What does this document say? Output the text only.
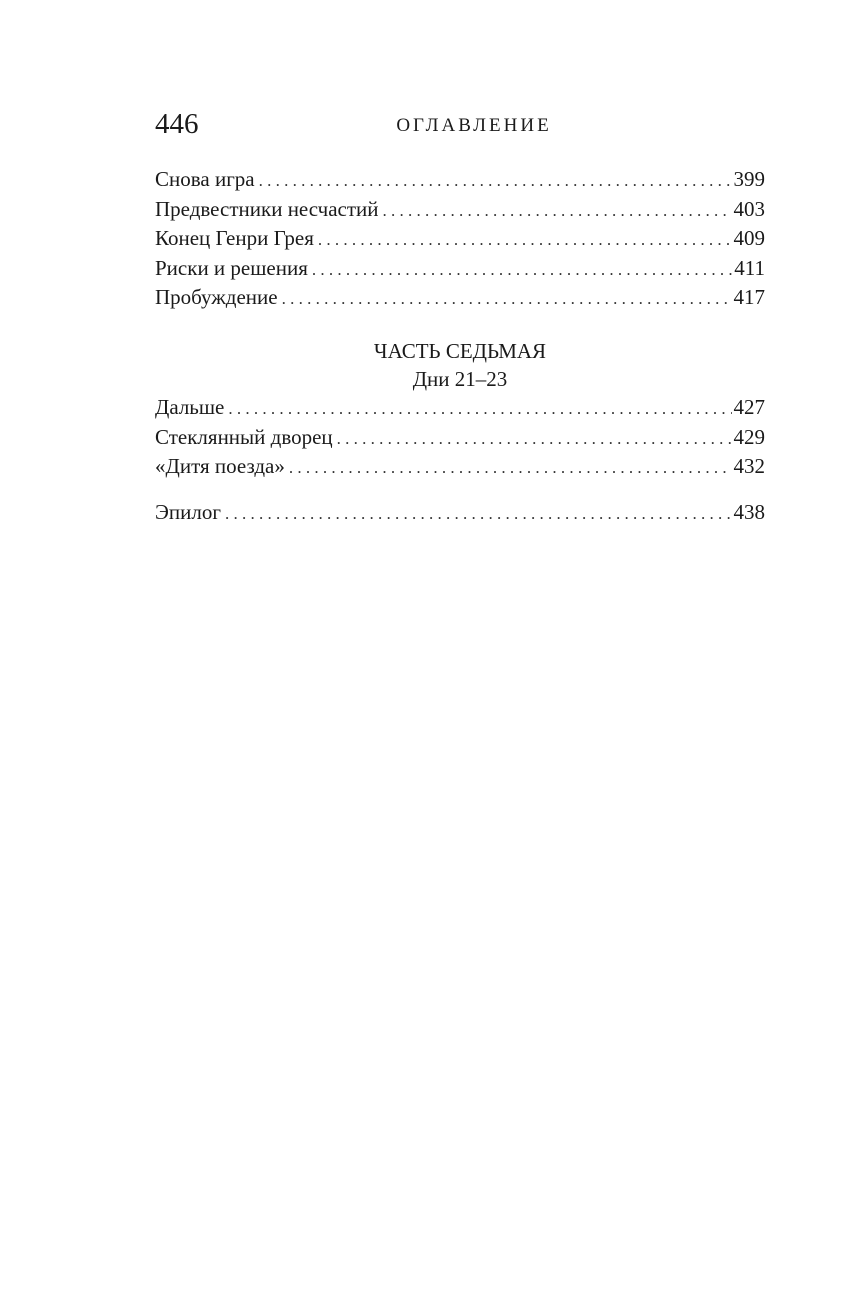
446	ОГЛАВЛЕНИЕ
Снова игра . . .	399
Предвестники несчастий . . .	403
Конец Генри Грея . . .	409
Риски и решения . . .	411
Пробуждение . . .	417
ЧАСТЬ СЕДЬМАЯ
Дни 21–23
Дальше . . .	427
Стеклянный дворец . . .	429
«Дитя поезда» . . .	432
Эпилог . . .	438
